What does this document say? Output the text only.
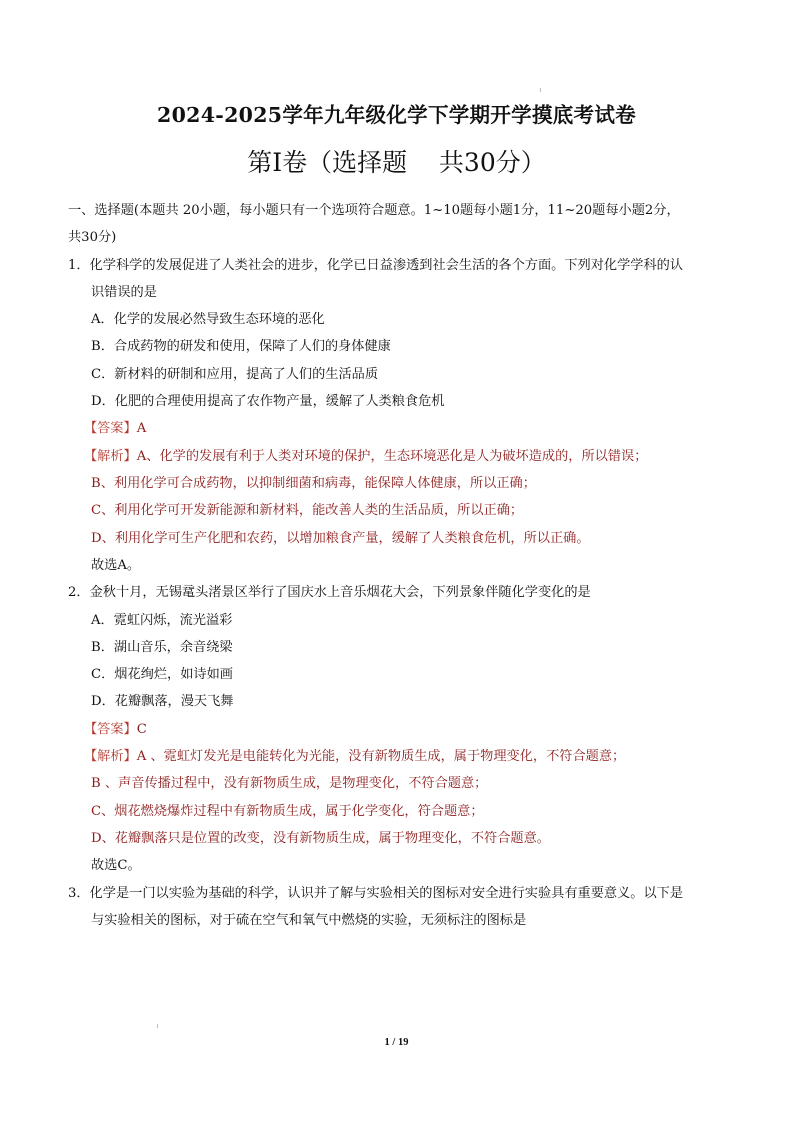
2024-2025学年九年级化学下学期开学摸底考试卷
第Ⅰ卷（选择题    共30分）
一、选择题(本题共 20小题，每小题只有一个选项符合题意。1~10题每小题1分，11~20题每小题2分，
共30分)
1．化学科学的发展促进了人类社会的进步，化学已日益渗透到社会生活的各个方面。下列对化学学科的认
识错误的是
A．化学的发展必然导致生态环境的恶化
B．合成药物的研发和使用，保障了人们的身体健康
C．新材料的研制和应用，提高了人们的生活品质
D．化肥的合理使用提高了农作物产量，缓解了人类粮食危机
【答案】A
【解析】A、化学的发展有利于人类对环境的保护，生态环境恶化是人为破坏造成的，所以错误；
B、利用化学可合成药物，以抑制细菌和病毒，能保障人体健康，所以正确；
C、利用化学可开发新能源和新材料，能改善人类的生活品质，所以正确；
D、利用化学可生产化肥和农药，以增加粮食产量，缓解了人类粮食危机，所以正确。
故选A。
2．金秋十月，无锡鼋头渚景区举行了国庆水上音乐烟花大会，下列景象伴随化学变化的是
A．霓虹闪烁，流光溢彩
B．湖山音乐，余音绕梁
C．烟花绚烂，如诗如画
D．花瓣飘落，漫天飞舞
【答案】C
【解析】A 、霓虹灯发光是电能转化为光能，没有新物质生成，属于物理变化，不符合题意；
B 、声音传播过程中，没有新物质生成，是物理变化，不符合题意；
C、烟花燃烧爆炸过程中有新物质生成，属于化学变化，符合题意；
D、花瓣飘落只是位置的改变，没有新物质生成，属于物理变化，不符合题意。
故选C。
3．化学是一门以实验为基础的科学，认识并了解与实验相关的图标对安全进行实验具有重要意义。以下是
与实验相关的图标，对于硫在空气和氧气中燃烧的实验，无须标注的图标是
1 / 19
